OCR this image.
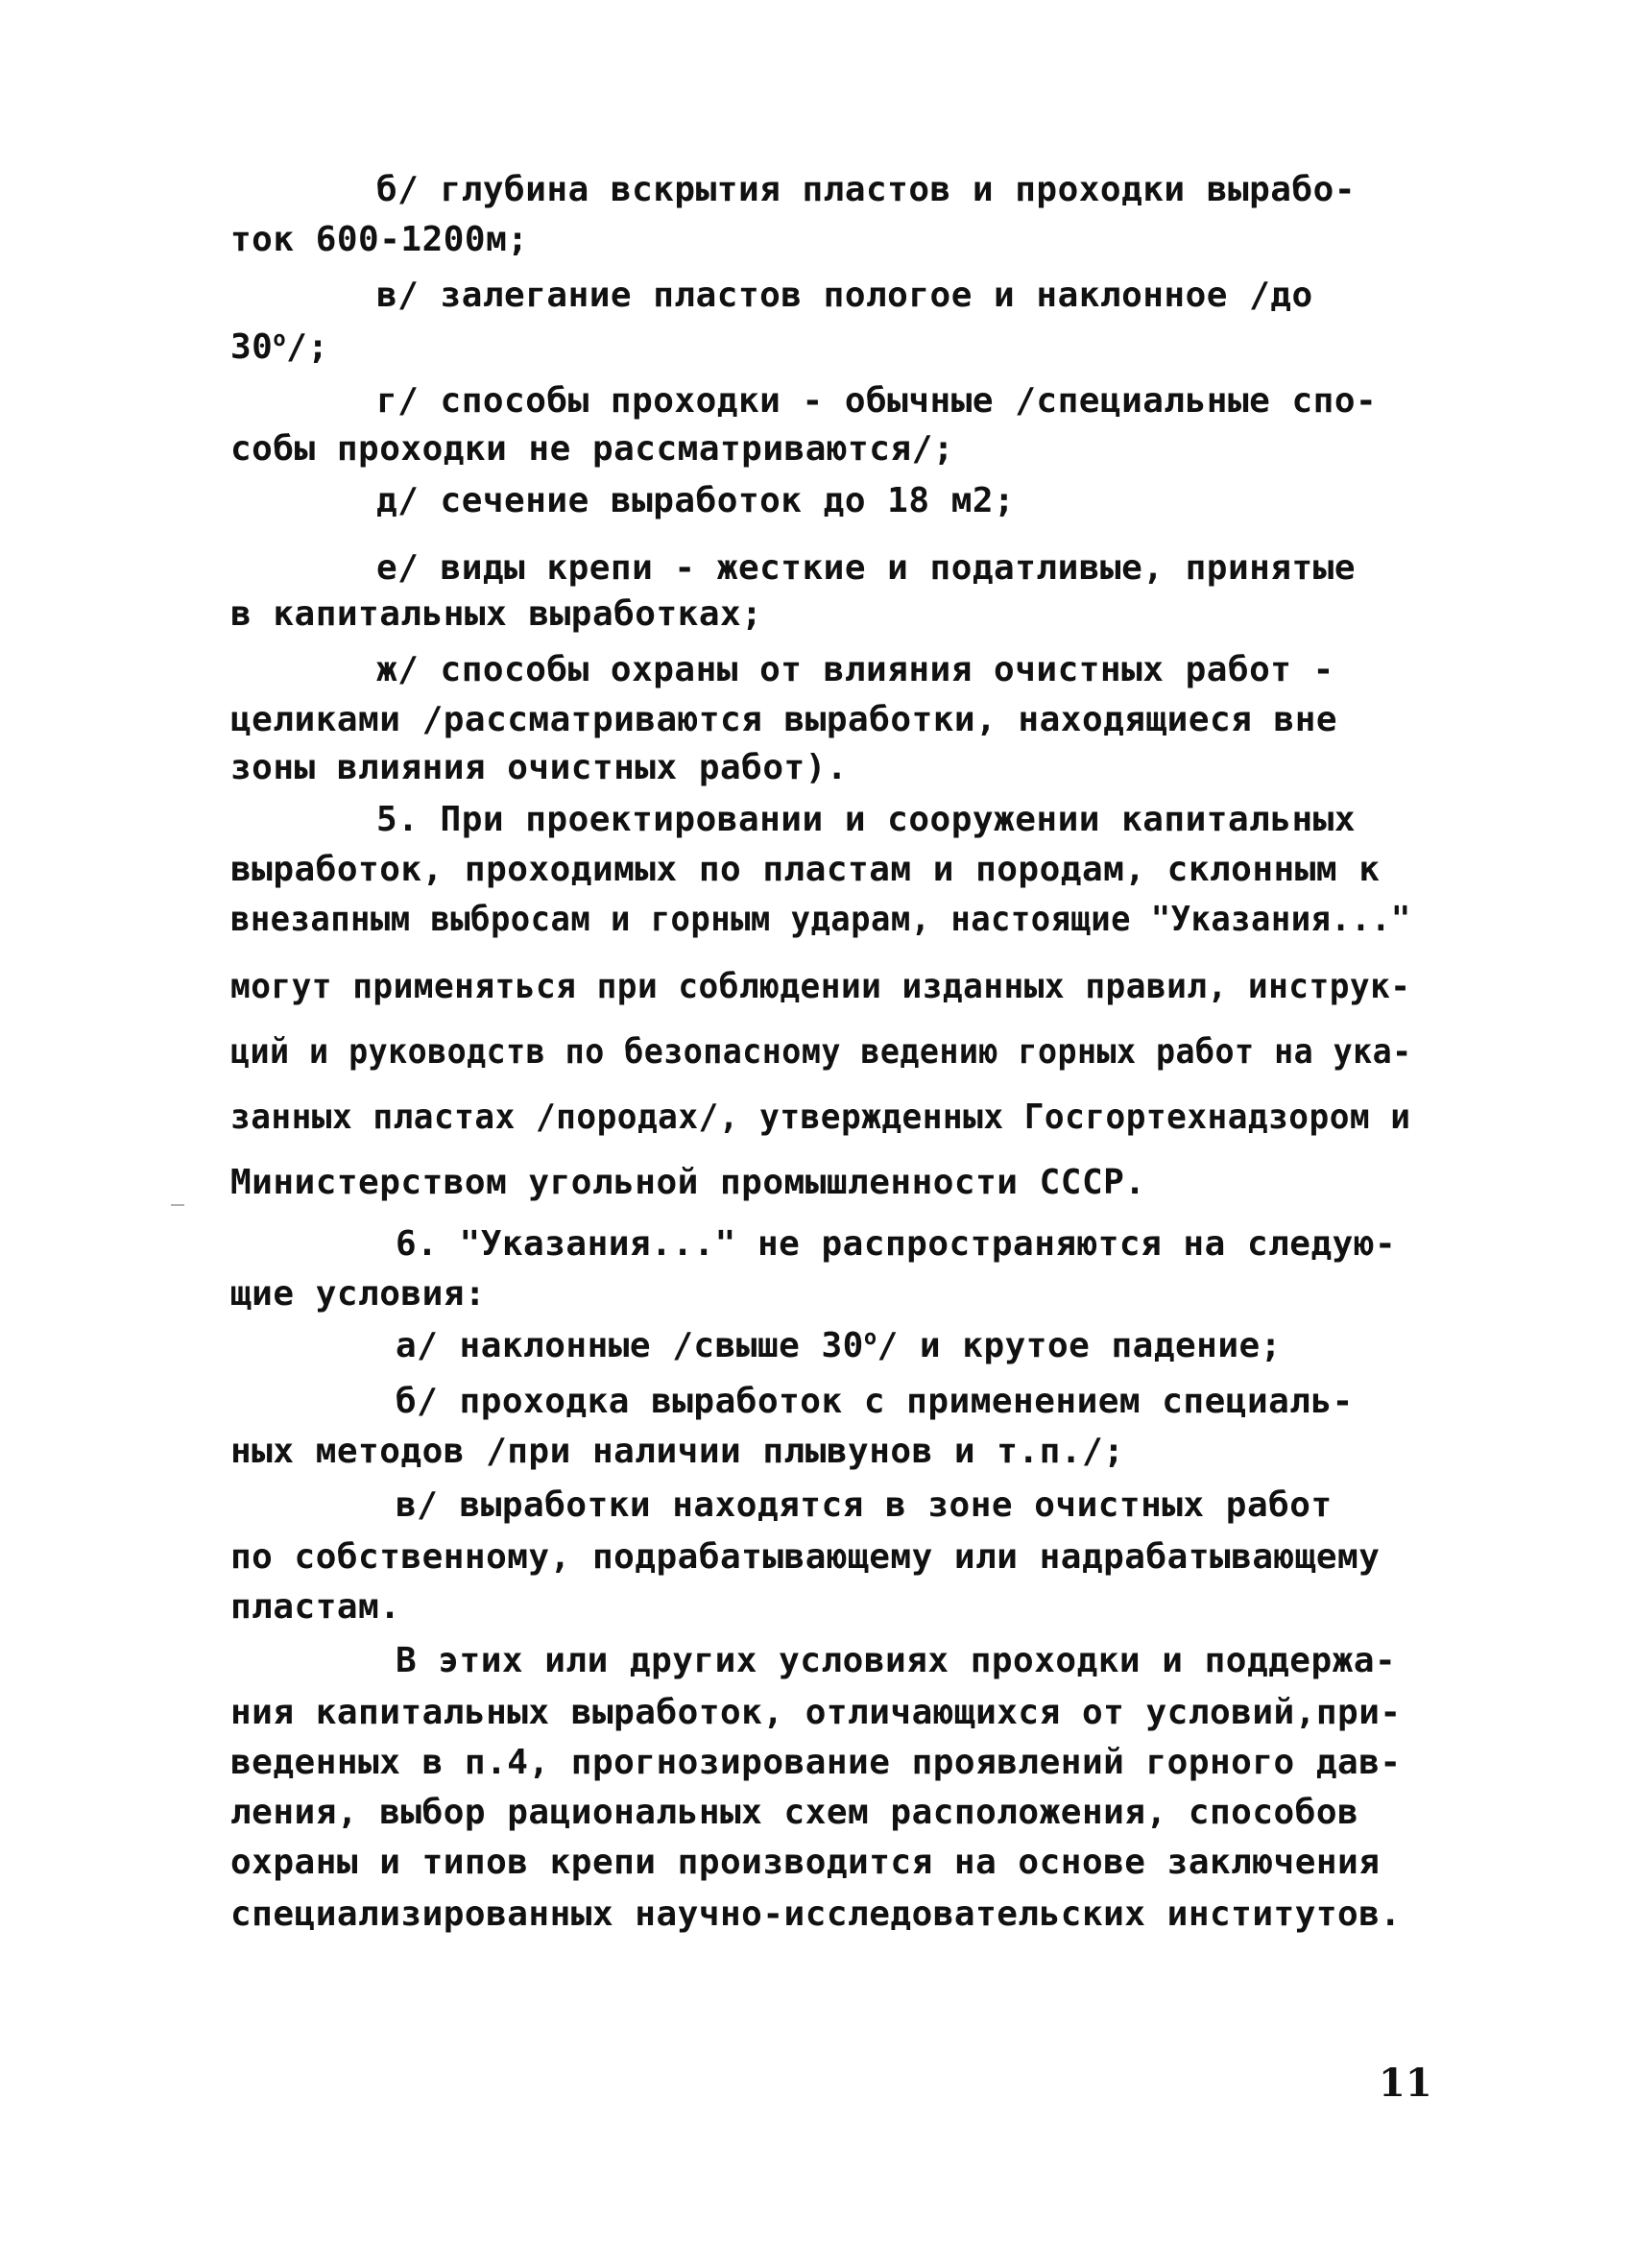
б/ глубина вскрытия пластов и проходки вырабо-
ток 600-1200м;
в/ залегание пластов пологое и наклонное /до
30$^o$/;
г/ способы проходки - обычные /специальные спо-
собы проходки не рассматриваются/;
д/ сечение выработок до 18 м2;
е/ виды крепи - жесткие и податливые, принятые
в капитальных выработках;
ж/ способы охраны от влияния очистных работ -
целиками /рассматриваются выработки, находящиеся вне
зоны влияния очистных работ).
5. При проектировании и сооружении капитальных
выработок, проходимых по пластам и породам, склонным к
внезапным выбросам и горным ударам, настоящие "Указания..."
могут применяться при соблюдении изданных правил, инструк-
ций и руководств по безопасному ведению горных работ на ука-
занных пластах /породах/, утвержденных Госгортехнадзором и
Министерством угольной промышленности СССР.
6. "Указания..." не распространяются на следую-
щие условия:
а/ наклонные /свыше 30$^o$/ и крутое падение;
б/ проходка выработок с применением специаль-
ных методов /при наличии плывунов и т.п./;
в/ выработки находятся в зоне очистных работ
по собственному, подрабатывающему или надрабатывающему
пластам.
В этих или других условиях проходки и поддержа-
ния капитальных выработок, отличающихся от условий,при-
веденных в п.4, прогнозирование проявлений горного дав-
ления, выбор рациональных схем расположения, способов
охраны и типов крепи производится на основе заключения
специализированных научно-исследовательских институтов.
11
